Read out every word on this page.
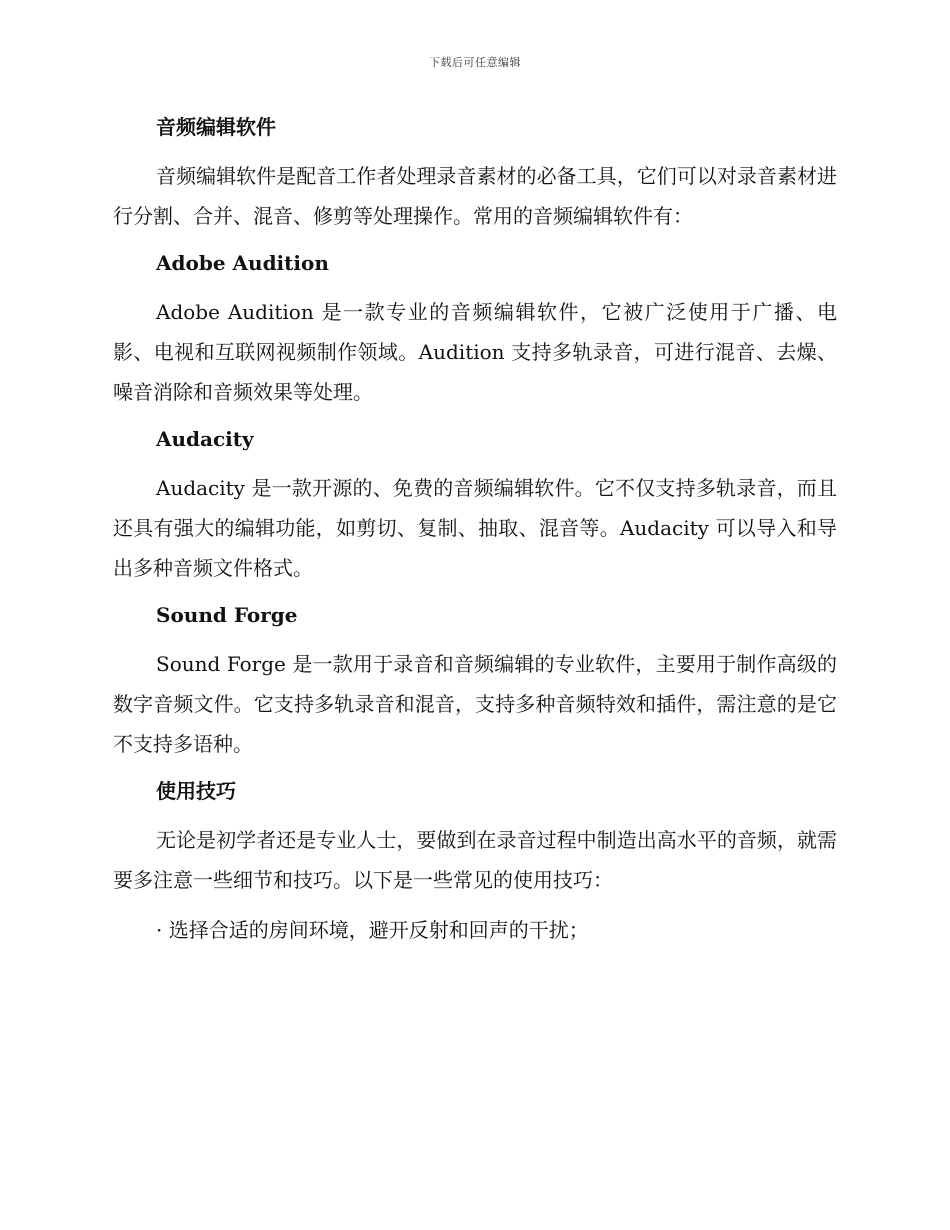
下载后可任意编辑
音频编辑软件
音频编辑软件是配音工作者处理录音素材的必备工具，它们可以对录音素材进行分割、合并、混音、修剪等处理操作。常用的音频编辑软件有：
Adobe Audition
Adobe Audition 是一款专业的音频编辑软件，它被广泛使用于广播、电影、电视和互联网视频制作领域。Audition 支持多轨录音，可进行混音、去燥、噪音消除和音频效果等处理。
Audacity
Audacity 是一款开源的、免费的音频编辑软件。它不仅支持多轨录音，而且还具有强大的编辑功能，如剪切、复制、抽取、混音等。Audacity 可以导入和导出多种音频文件格式。
Sound Forge
Sound Forge 是一款用于录音和音频编辑的专业软件，主要用于制作高级的数字音频文件。它支持多轨录音和混音，支持多种音频特效和插件，需注意的是它不支持多语种。
使用技巧
无论是初学者还是专业人士，要做到在录音过程中制造出高水平的音频，就需要多注意一些细节和技巧。以下是一些常见的使用技巧：
· 选择合适的房间环境，避开反射和回声的干扰；
